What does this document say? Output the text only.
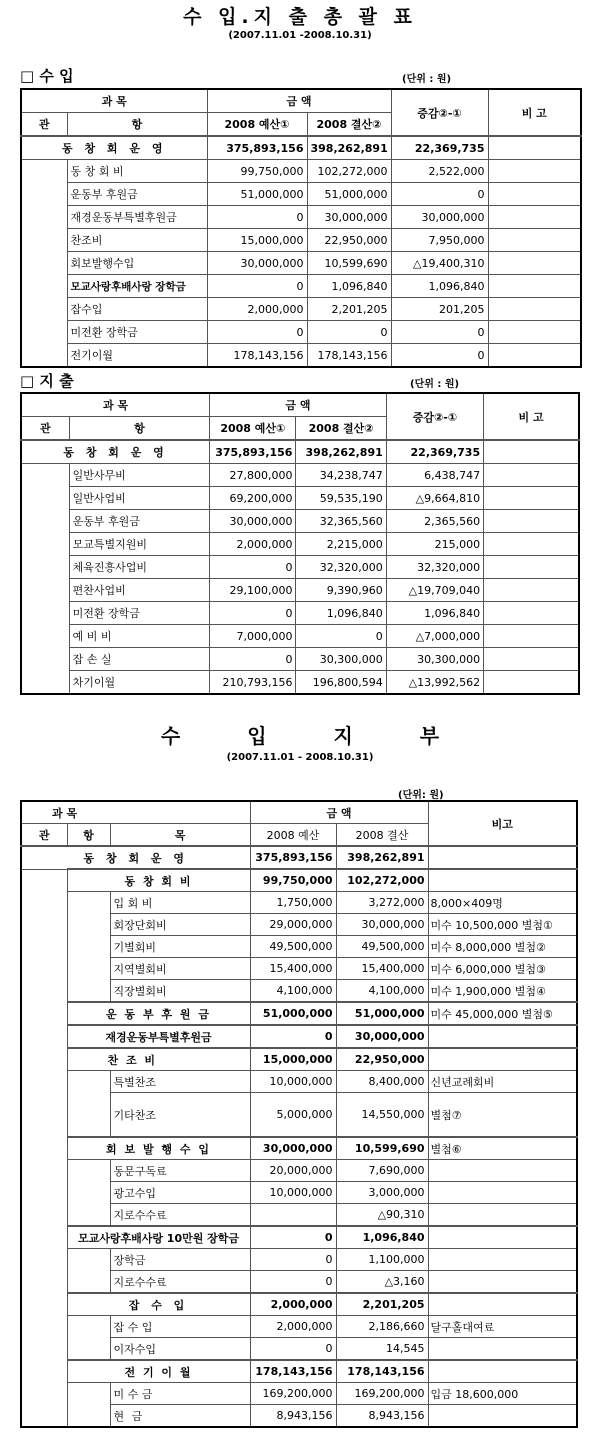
수 입.지 출 총 괄 표
(2007.11.01 -2008.10.31)
□ 수 입	(단위 : 원)
과 목		금 액		증감②-①	비 고
관	항	2008 예산①	2008 결산②		
동 창 회 운 영		375,893,156	398,262,891	22,369,735	
	동 창 회 비	99,750,000	102,272,000	2,522,000	
	운동부 후원금	51,000,000	51,000,000	0	
	재경운동부특별후원금	0	30,000,000	30,000,000	
	찬조비	15,000,000	22,950,000	7,950,000	
	회보발행수입	30,000,000	10,599,690	△19,400,310	
	모교사랑후배사랑 장학금	0	1,096,840	1,096,840	
	잡수입	2,000,000	2,201,205	201,205	
	미전환 장학금	0	0	0	
	전기이월	178,143,156	178,143,156	0	
□ 지 출	(단위 : 원)
과 목		금 액		증감②-①	비 고
관	항	2008 예산①	2008 결산②		
동 창 회 운 영		375,893,156	398,262,891	22,369,735	
	일반사무비	27,800,000	34,238,747	6,438,747	
	일반사업비	69,200,000	59,535,190	△9,664,810	
	운동부 후원금	30,000,000	32,365,560	2,365,560	
	모교특별지원비	2,000,000	2,215,000	215,000	
	체육진흥사업비	0	32,320,000	32,320,000	
	편찬사업비	29,100,000	9,390,960	△19,709,040	
	미전환 장학금	0	1,096,840	1,096,840	
	예 비 비	7,000,000	0	△7,000,000	
	잡 손 실	0	30,300,000	30,300,000	
	차기이월	210,793,156	196,800,594	△13,992,562	
수 입 지 부
(2007.11.01 - 2008.10.31)
(단위: 원)
과 목			금 액		비고
관	항	목	2008 예산	2008 결산	
동 창 회 운 영			375,893,156	398,262,891	
	동 창 회 비		99,750,000	102,272,000	
		입 회 비	1,750,000	3,272,000	8,000×409명
		회장단회비	29,000,000	30,000,000	미수 10,500,000 별첨①
		기별회비	49,500,000	49,500,000	미수 8,000,000 별첨②
		지역별회비	15,400,000	15,400,000	미수 6,000,000 별첨③
		직장별회비	4,100,000	4,100,000	미수 1,900,000 별첨④
	운 동 부 후 원 금		51,000,000	51,000,000	미수 45,000,000 별첨⑤
	재경운동부특별후원금		0	30,000,000	
	찬 조 비		15,000,000	22,950,000	
		특별찬조	10,000,000	8,400,000	신년교례회비
		기타찬조	5,000,000	14,550,000	별첨⑦
	회 보 발 행 수 입		30,000,000	10,599,690	별첨⑥
		동문구독료	20,000,000	7,690,000	
		광고수입	10,000,000	3,000,000	
		지로수수료		△90,310	
	모교사랑후배사랑 10만원 장학금		0	1,096,840	
		장학금	0	1,100,000	
		지로수수료	0	△3,160	
	잡 수 입		2,000,000	2,201,205	
		잡 수 입	2,000,000	2,186,660	달구홀대여료
		이자수입	0	14,545	
	전 기 이 월		178,143,156	178,143,156	
		미 수 금	169,200,000	169,200,000	입금 18,600,000
		현 금	8,943,156	8,943,156	
